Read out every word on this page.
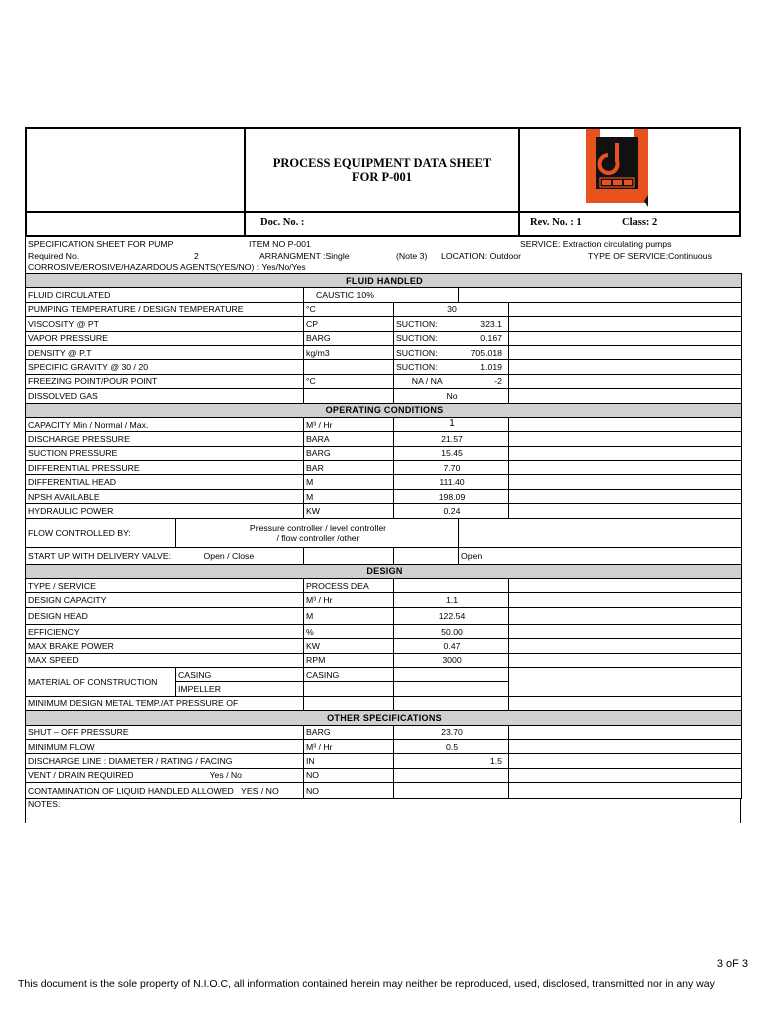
PROCESS EQUIPMENT DATA SHEET
FOR P-001
Doc. No. :	Rev. No. : 1	Class: 2
SPECIFICATION SHEET FOR PUMP	ITEM NO P-001	SERVICE: Extraction circulating pumps
Required No.	2	ARRANGMENT :Single	(Note 3) LOCATION: Outdoor	TYPE OF SERVICE:Continuous
CORROSIVE/EROSIVE/HAZARDOUS AGENTS(YES/NO) : Yes/No/Yes
FLUID HANDLED					
FLUID CIRCULATED		CAUSTIC 10%			
PUMPING TEMPERATURE / DESIGN TEMPERATURE		°C	30		
VISCOSITY @ PT		CP	SUCTION:	323.1	
VAPOR PRESSURE		BARG	SUCTION:	0.167	
DENSITY @ P.T		kg/m3	SUCTION:	705.018	
SPECIFIC GRAVITY @ 30 / 20			SUCTION:	1.019	
FREEZING POINT/POUR POINT		°C	NA / NA	-2	
DISSOLVED GAS			No		
OPERATING CONDITIONS					
CAPACITY Min / Normal / Max.		M³ / Hr	1		
DISCHARGE PRESSURE		BARA	21.57		
SUCTION PRESSURE		BARG	15.45		
DIFFERENTIAL PRESSURE		BAR	7.70		
DIFFERENTIAL HEAD		M	111.40		
NPSH AVAILABLE		M	198.09		
HYDRAULIC POWER		KW	0.24		
FLOW CONTROLLED BY:	Pressure controller / level controller
/ flow controller /other				

START UP WITH DELIVERY VALVE:	Open / Close			Open	
DESIGN					
TYPE / SERVICE		PROCESS DEA			
DESIGN CAPACITY		M³ / Hr	1.1		
DESIGN HEAD		M	122.54		
EFFICIENCY		%	50.00		
MAX BRAKE POWER		KW	0.47		
MAX SPEED		RPM	3000		
MATERIAL OF CONSTRUCTION	CASING	CASING			
	IMPELLER				
MINIMUM DESIGN METAL TEMP./AT PRESSURE OF					
OTHER SPECIFICATIONS					
SHUT – OFF PRESSURE		BARG	23.70		
MINIMUM FLOW		M³ / Hr	0.5		
DISCHARGE LINE : DIAMETER / RATING / FACING		IN	1.5		
VENT / DRAIN REQUIRED	Yes / No	NO			
CONTAMINATION OF LIQUID HANDLED ALLOWED YES / NO		NO			
NOTES:
3 oF 3
This document is the sole property of N.I.O.C, all information contained herein may neither be reproduced, used, disclosed, transmitted nor in any way
